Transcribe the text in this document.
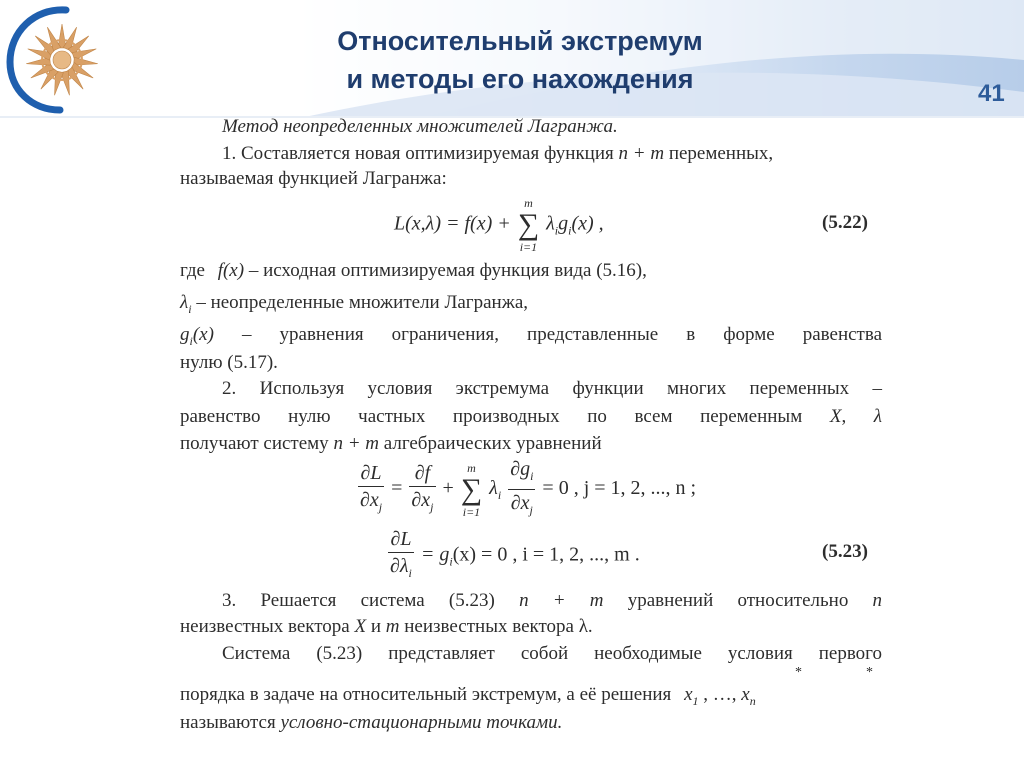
Относительный экстремум
и методы его нахождения	41
Метод неопределенных множителей Лагранжа.
1. Составляется новая оптимизируемая функция n + m переменных,
называемая функцией Лагранжа:
L(x,λ) = f(x) +
m
∑
i=1
$\lambda_ig_i(x)$ ,	(5.22)
где f(x) – исходная оптимизируемая функция вида (5.16),
$\lambda_i$ – неопределенные множители Лагранжа,
$g_i(x)$ – уравнения ограничения, представленные в форме равенства
нулю (5.17).
2. Используя условия экстремума функции многих переменных –
равенство нулю частных производных по всем переменным X, λ
получают систему n + m алгебраических уравнений
$\frac{\partial L}{\partial x_j} = \frac{\partial f}{\partial x_j}$ +
m
∑
i=1
$\lambda_i \frac{\partial g_i}{\partial x_j} = 0$ , j = 1, 2, ..., n ;
$\frac{\partial L}{\partial\lambda_i} = g_i(x) = 0$ , i = 1, 2, ..., m .	(5.23)
3. Решается система (5.23) n + m уравнений относительно n
неизвестных вектора X и m неизвестных вектора λ.
Система (5.23) представляет собой необходимые условия первого
порядка в задаче на относительный экстремум, а её решения $x_1$ , …, $x_n$
*	*
называются условно-стационарными точками.
